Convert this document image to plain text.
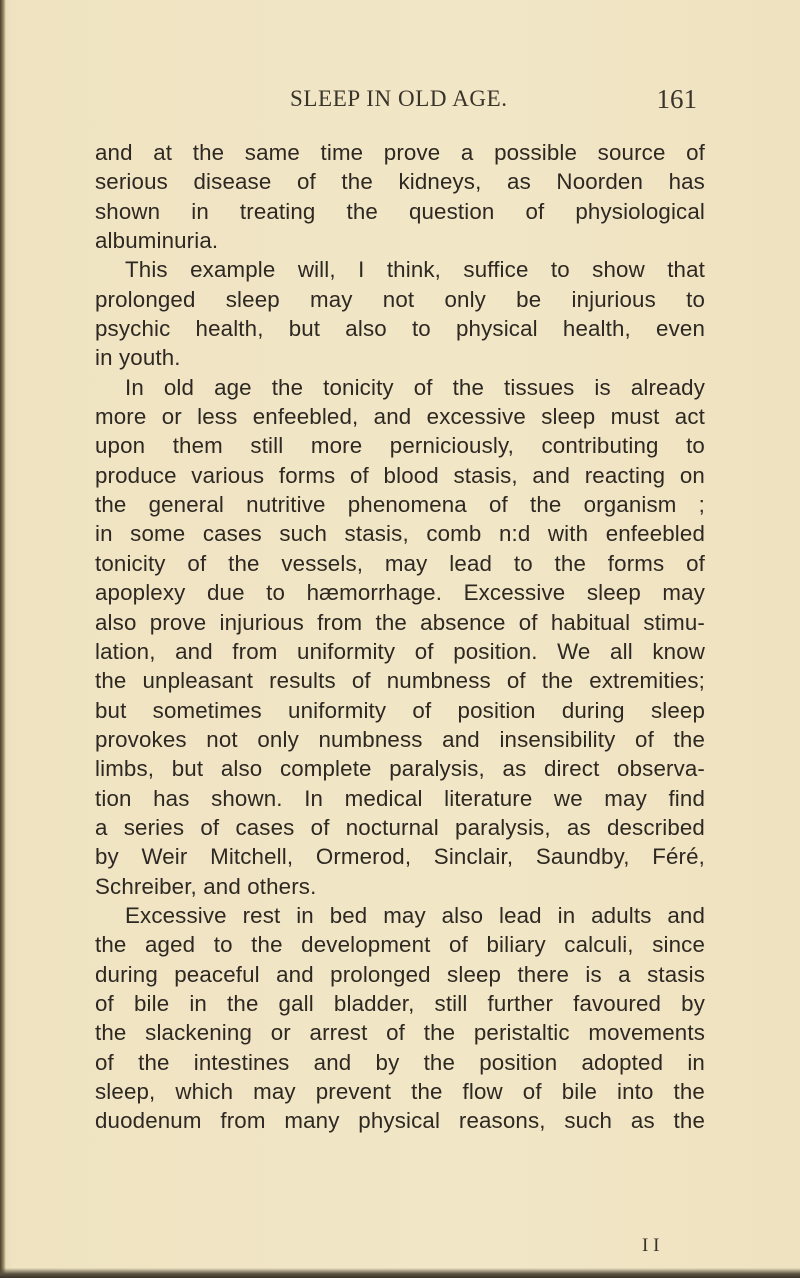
SLEEP IN OLD AGE.	161
and at the same time prove a possible source of
serious disease of the kidneys, as Noorden has
shown in treating the question of physiological
albuminuria.
This example will, I think, suffice to show that
prolonged sleep may not only be injurious to
psychic health, but also to physical health, even
in youth.
In old age the tonicity of the tissues is already
more or less enfeebled, and excessive sleep must act
upon them still more perniciously, contributing to
produce various forms of blood stasis, and reacting on
the general nutritive phenomena of the organism ;
in some cases such stasis, comb n:d with enfeebled
tonicity of the vessels, may lead to the forms of
apoplexy due to hæmorrhage. Excessive sleep may
also prove injurious from the absence of habitual stimu-
lation, and from uniformity of position. We all know
the unpleasant results of numbness of the extremities;
but sometimes uniformity of position during sleep
provokes not only numbness and insensibility of the
limbs, but also complete paralysis, as direct observa-
tion has shown. In medical literature we may find
a series of cases of nocturnal paralysis, as described
by Weir Mitchell, Ormerod, Sinclair, Saundby, Féré,
Schreiber, and others.
Excessive rest in bed may also lead in adults and
the aged to the development of biliary calculi, since
during peaceful and prolonged sleep there is a stasis
of bile in the gall bladder, still further favoured by
the slackening or arrest of the peristaltic movements
of the intestines and by the position adopted in
sleep, which may prevent the flow of bile into the
duodenum from many physical reasons, such as the
I I
